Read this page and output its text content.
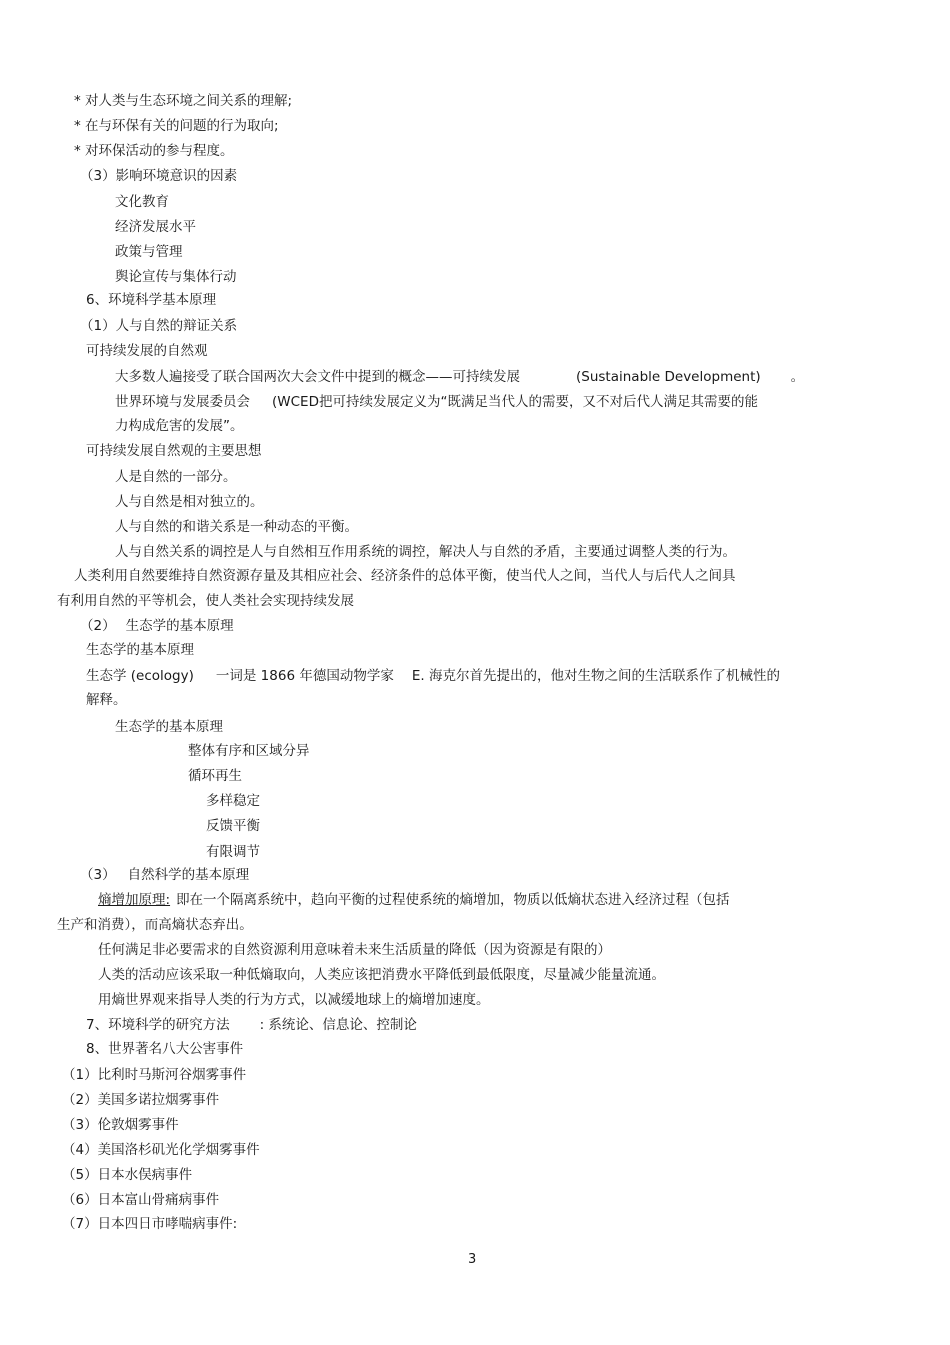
* 对人类与生态环境之间关系的理解;
* 在与环保有关的问题的行为取向;
* 对环保活动的参与程度。
（3）影响环境意识的因素
文化教育
经济发展水平
政策与管理
舆论宣传与集体行动
6、环境科学基本原理
（1）人与自然的辩证关系
可持续发展的自然观
大多数人遍接受了联合国两次大会文件中提到的概念——可持续发展	(Sustainable Development) 。
世界环境与发展委员会 (WCED把可持续发展定义为“既满足当代人的需要，又不对后代人满足其需要的能
力构成危害的发展”。
可持续发展自然观的主要思想
人是自然的一部分。
人与自然是相对独立的。
人与自然的和谐关系是一种动态的平衡。
人与自然关系的调控是人与自然相互作用系统的调控，解决人与自然的矛盾，主要通过调整人类的行为。
人类利用自然要维持自然资源存量及其相应社会、经济条件的总体平衡，使当代人之间，当代人与后代人之间具
有利用自然的平等机会，使人类社会实现持续发展
（2） 生态学的基本原理
生态学的基本原理
生态学 (ecology) 一词是 1866 年德国动物学家 E. 海克尔首先提出的，他对生物之间的生活联系作了机械性的
解释。
生态学的基本原理
整体有序和区域分异
循环再生
多样稳定
反馈平衡
有限调节
（3） 自然科学的基本原理
熵增加原理: 即在一个隔离系统中，趋向平衡的过程使系统的熵增加，物质以低熵状态进入经济过程（包括
生产和消费），而高熵状态弃出。
任何满足非必要需求的自然资源利用意味着未来生活质量的降低（因为资源是有限的）
人类的活动应该采取一种低熵取向，人类应该把消费水平降低到最低限度，尽量减少能量流通。
用熵世界观来指导人类的行为方式，以减缓地球上的熵增加速度。
7、环境科学的研究方法 : 系统论、信息论、控制论
8、世界著名八大公害事件
（1）比利时马斯河谷烟雾事件
（2）美国多诺拉烟雾事件
（3）伦敦烟雾事件
（4）美国洛杉矶光化学烟雾事件
（5）日本水俣病事件
（6）日本富山骨痛病事件
（7）日本四日市哮喘病事件:
3
